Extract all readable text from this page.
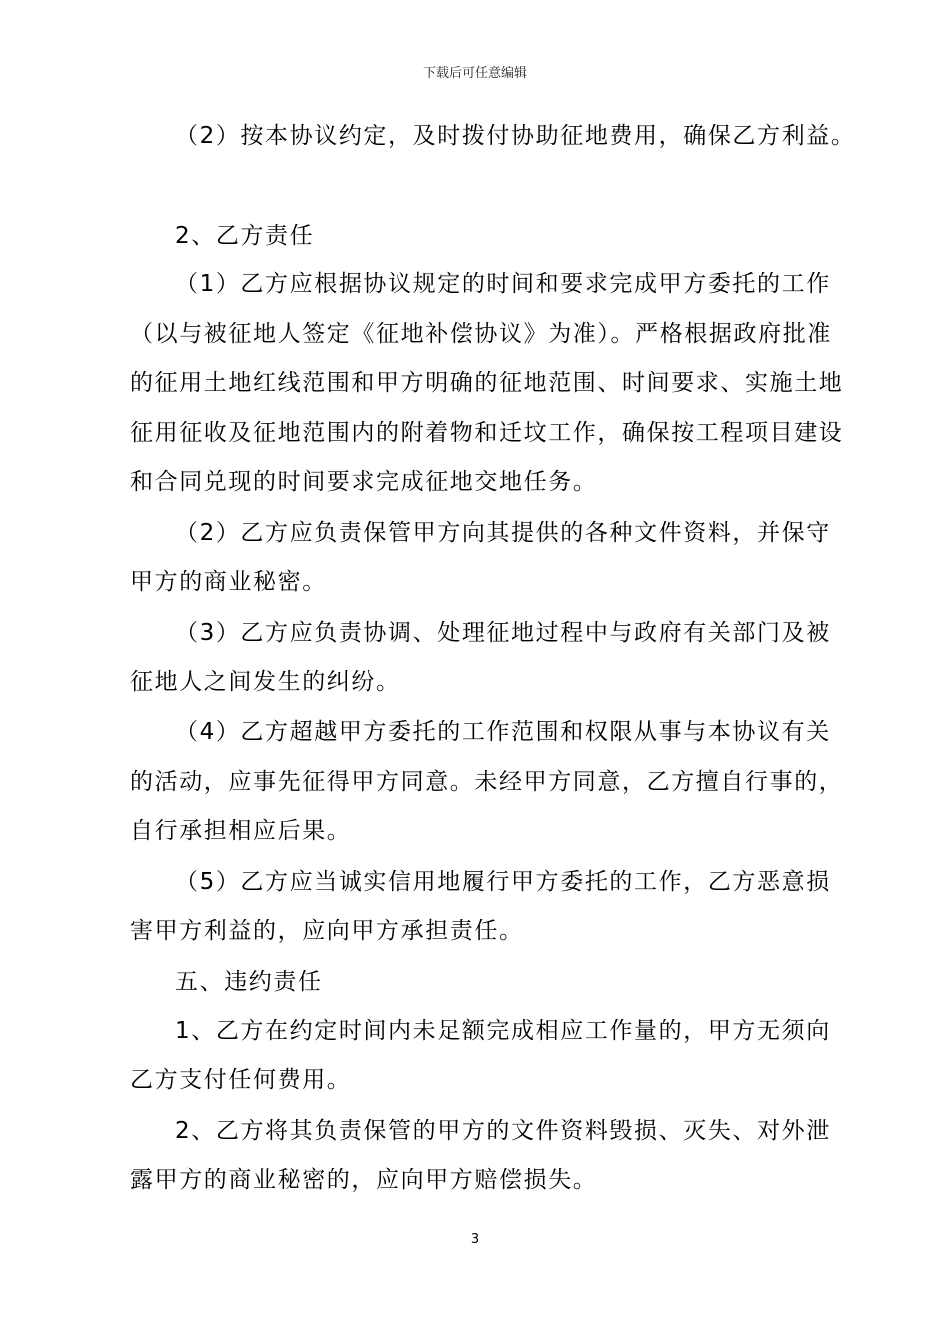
下载后可任意编辑
（2）按本协议约定，及时拨付协助征地费用，确保乙方利益。
2、乙方责任
（1）乙方应根据协议规定的时间和要求完成甲方委托的工作
（以与被征地人签定《征地补偿协议》为准）。严格根据政府批准
的征用土地红线范围和甲方明确的征地范围、时间要求、实施土地
征用征收及征地范围内的附着物和迁坟工作，确保按工程项目建设
和合同兑现的时间要求完成征地交地任务。
（2）乙方应负责保管甲方向其提供的各种文件资料，并保守
甲方的商业秘密。
（3）乙方应负责协调、处理征地过程中与政府有关部门及被
征地人之间发生的纠纷。
（4）乙方超越甲方委托的工作范围和权限从事与本协议有关
的活动，应事先征得甲方同意。未经甲方同意，乙方擅自行事的，
自行承担相应后果。
（5）乙方应当诚实信用地履行甲方委托的工作，乙方恶意损
害甲方利益的，应向甲方承担责任。
五、违约责任
1、乙方在约定时间内未足额完成相应工作量的，甲方无须向
乙方支付任何费用。
2、乙方将其负责保管的甲方的文件资料毁损、灭失、对外泄
露甲方的商业秘密的，应向甲方赔偿损失。
3
